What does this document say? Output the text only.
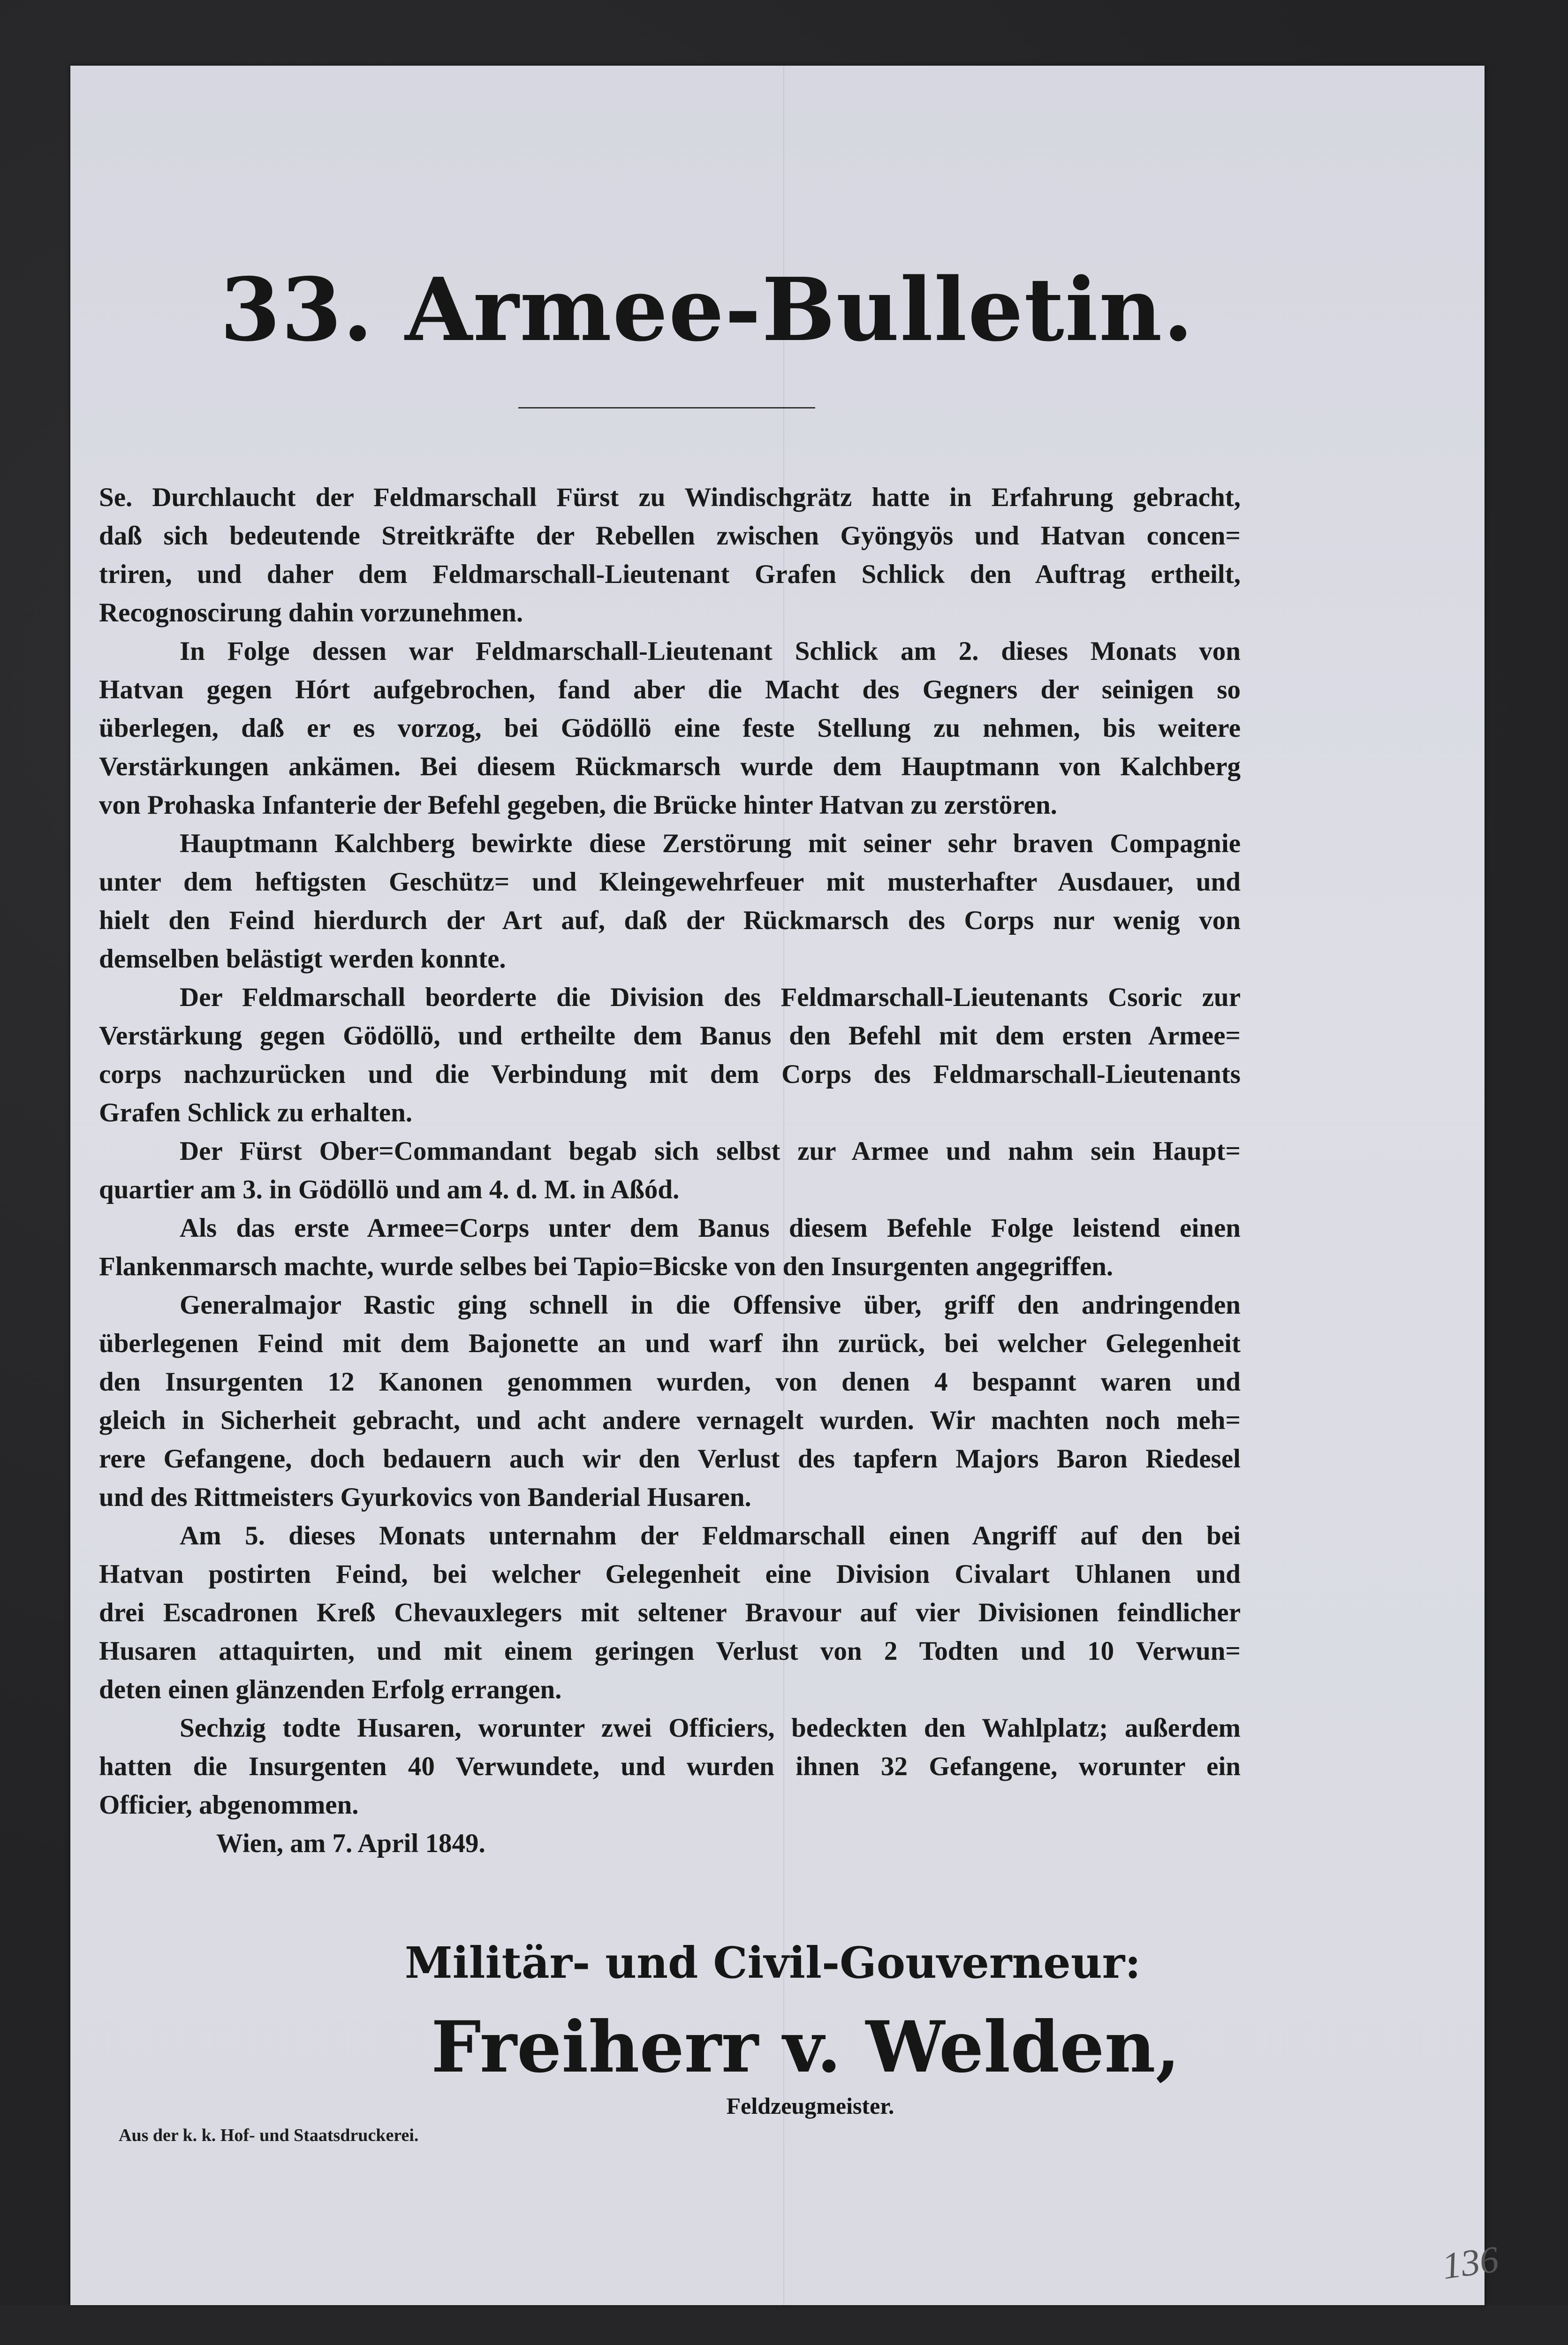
33. Armee-Bulletin.
Se. Durchlaucht der Feldmarschall Fürst zu Windischgrätz hatte in Erfahrung gebracht,
daß sich bedeutende Streitkräfte der Rebellen zwischen Gyöngyös und Hatvan concen=
triren, und daher dem Feldmarschall-Lieutenant Grafen Schlick den Auftrag ertheilt,
Recognoscirung dahin vorzunehmen.
In Folge dessen war Feldmarschall-Lieutenant Schlick am 2. dieses Monats von
Hatvan gegen Hórt aufgebrochen, fand aber die Macht des Gegners der seinigen so
überlegen, daß er es vorzog, bei Gödöllö eine feste Stellung zu nehmen, bis weitere
Verstärkungen ankämen. Bei diesem Rückmarsch wurde dem Hauptmann von Kalchberg
von Prohaska Infanterie der Befehl gegeben, die Brücke hinter Hatvan zu zerstören.
Hauptmann Kalchberg bewirkte diese Zerstörung mit seiner sehr braven Compagnie
unter dem heftigsten Geschütz= und Kleingewehrfeuer mit musterhafter Ausdauer, und
hielt den Feind hierdurch der Art auf, daß der Rückmarsch des Corps nur wenig von
demselben belästigt werden konnte.
Der Feldmarschall beorderte die Division des Feldmarschall-Lieutenants Csoric zur
Verstärkung gegen Gödöllö, und ertheilte dem Banus den Befehl mit dem ersten Armee=
corps nachzurücken und die Verbindung mit dem Corps des Feldmarschall-Lieutenants
Grafen Schlick zu erhalten.
Der Fürst Ober=Commandant begab sich selbst zur Armee und nahm sein Haupt=
quartier am 3. in Gödöllö und am 4. d. M. in Aßód.
Als das erste Armee=Corps unter dem Banus diesem Befehle Folge leistend einen
Flankenmarsch machte, wurde selbes bei Tapio=Bicske von den Insurgenten angegriffen.
Generalmajor Rastic ging schnell in die Offensive über, griff den andringenden
überlegenen Feind mit dem Bajonette an und warf ihn zurück, bei welcher Gelegenheit
den Insurgenten 12 Kanonen genommen wurden, von denen 4 bespannt waren und
gleich in Sicherheit gebracht, und acht andere vernagelt wurden. Wir machten noch meh=
rere Gefangene, doch bedauern auch wir den Verlust des tapfern Majors Baron Riedesel
und des Rittmeisters Gyurkovics von Banderial Husaren.
Am 5. dieses Monats unternahm der Feldmarschall einen Angriff auf den bei
Hatvan postirten Feind, bei welcher Gelegenheit eine Division Civalart Uhlanen und
drei Escadronen Kreß Chevauxlegers mit seltener Bravour auf vier Divisionen feindlicher
Husaren attaquirten, und mit einem geringen Verlust von 2 Todten und 10 Verwun=
deten einen glänzenden Erfolg errangen.
Sechzig todte Husaren, worunter zwei Officiers, bedeckten den Wahlplatz; außerdem
hatten die Insurgenten 40 Verwundete, und wurden ihnen 32 Gefangene, worunter ein
Officier, abgenommen.
Wien, am 7. April 1849.
Militär- und Civil-Gouverneur:
Freiherr v. Welden,
Feldzeugmeister.
Aus der k. k. Hof- und Staatsdruckerei.
136
